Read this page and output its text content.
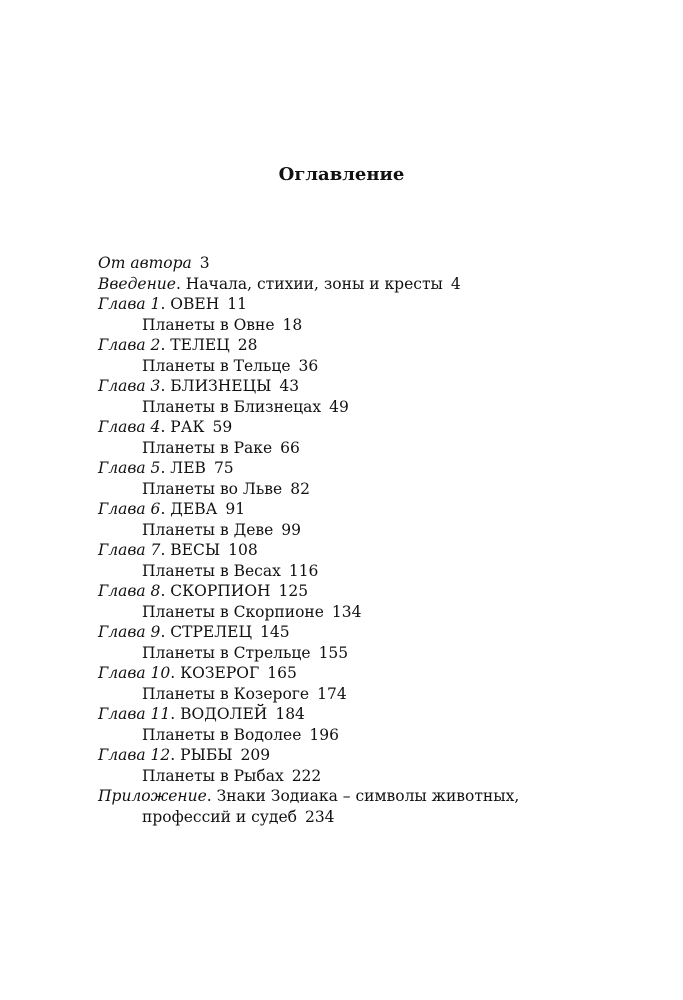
Оглавление
От автора 3
Введение. Начала, стихии, зоны и кресты 4
Глава 1. ОВЕН 11
Планеты в Овне 18
Глава 2. ТЕЛЕЦ 28
Планеты в Тельце 36
Глава 3. БЛИЗНЕЦЫ 43
Планеты в Близнецах 49
Глава 4. РАК 59
Планеты в Раке 66
Глава 5. ЛЕВ 75
Планеты во Льве 82
Глава 6. ДЕВА 91
Планеты в Деве 99
Глава 7. ВЕСЫ 108
Планеты в Весах 116
Глава 8. СКОРПИОН 125
Планеты в Скорпионе 134
Глава 9. СТРЕЛЕЦ 145
Планеты в Стрельце 155
Глава 10. КОЗЕРОГ 165
Планеты в Козероге 174
Глава 11. ВОДОЛЕЙ 184
Планеты в Водолее 196
Глава 12. РЫБЫ 209
Планеты в Рыбах 222
Приложение. Знаки Зодиака – символы животных,
профессий и судеб 234
